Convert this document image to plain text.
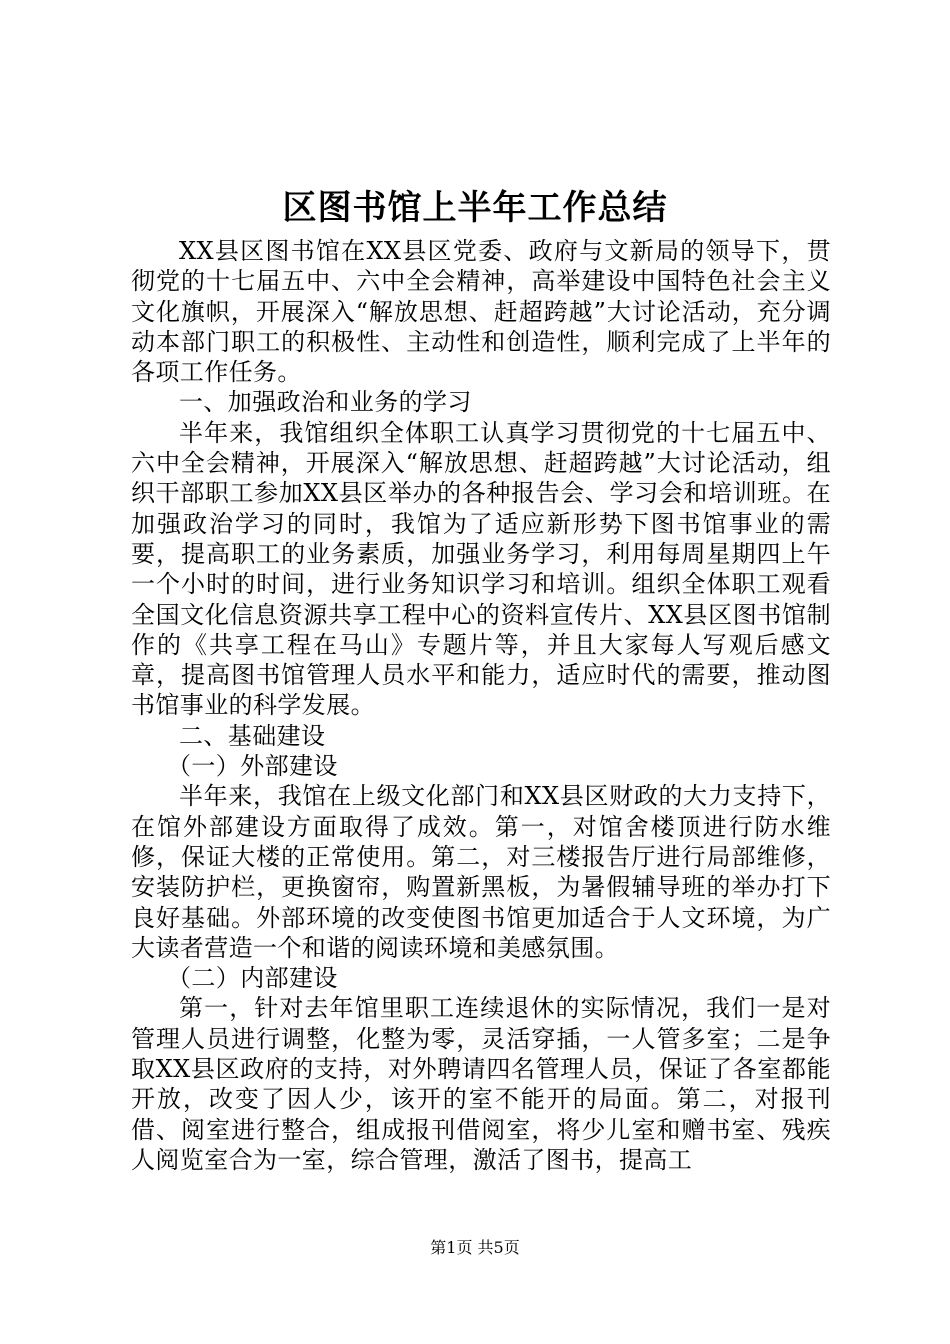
区图书馆上半年工作总结

XX县区图书馆在XX县区党委、政府与文新局的领导下，贯彻党的十七届五中、六中全会精神，高举建设中国特色社会主义文化旗帜，开展深入“解放思想、赶超跨越”大讨论活动，充分调动本部门职工的积极性、主动性和创造性，顺利完成了上半年的各项工作任务。

一、加强政治和业务的学习

半年来，我馆组织全体职工认真学习贯彻党的十七届五中、六中全会精神，开展深入“解放思想、赶超跨越”大讨论活动，组织干部职工参加XX县区举办的各种报告会、学习会和培训班。在加强政治学习的同时，我馆为了适应新形势下图书馆事业的需要，提高职工的业务素质，加强业务学习，利用每周星期四上午一个小时的时间，进行业务知识学习和培训。组织全体职工观看全国文化信息资源共享工程中心的资料宣传片、XX县区图书馆制作的《共享工程在马山》专题片等，并且大家每人写观后感文章，提高图书馆管理人员水平和能力，适应时代的需要，推动图书馆事业的科学发展。

二、基础建设

（一）外部建设

半年来，我馆在上级文化部门和XX县区财政的大力支持下，在馆外部建设方面取得了成效。第一，对馆舍楼顶进行防水维修，保证大楼的正常使用。第二，对三楼报告厅进行局部维修，安装防护栏，更换窗帘，购置新黑板，为暑假辅导班的举办打下良好基础。外部环境的改变使图书馆更加适合于人文环境，为广大读者营造一个和谐的阅读环境和美感氛围。

（二）内部建设

第一，针对去年馆里职工连续退休的实际情况，我们一是对管理人员进行调整，化整为零，灵活穿插，一人管多室；二是争取XX县区政府的支持，对外聘请四名管理人员，保证了各室都能开放，改变了因人少，该开的室不能开的局面。第二，对报刊借、阅室进行整合，组成报刊借阅室，将少儿室和赠书室、残疾人阅览室合为一室，综合管理，激活了图书，提高工

第1页 共5页
